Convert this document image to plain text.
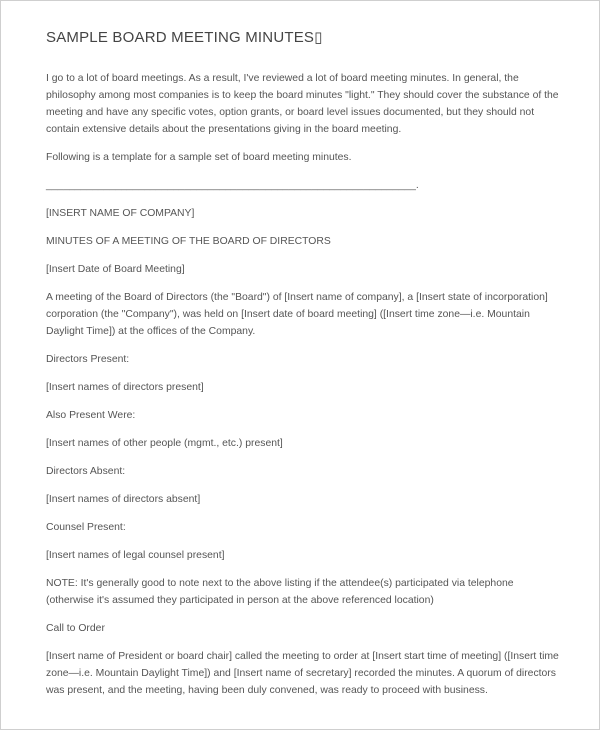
SAMPLE BOARD MEETING MINUTES▯

I go to a lot of board meetings. As a result, I've reviewed a lot of board meeting minutes. In general, the philosophy among most companies is to keep the board minutes "light." They should cover the substance of the meeting and have any specific votes, option grants, or board level issues documented, but they should not contain extensive details about the presentations giving in the board meeting.

Following is a template for a sample set of board meeting minutes.

________________________________________________________________.

[INSERT NAME OF COMPANY]

MINUTES OF A MEETING OF THE BOARD OF DIRECTORS

[Insert Date of Board Meeting]

A meeting of the Board of Directors (the "Board") of [Insert name of company], a [Insert state of incorporation] corporation (the "Company"), was held on [Insert date of board meeting] ([Insert time zone—i.e. Mountain Daylight Time]) at the offices of the Company.

Directors Present:

[Insert names of directors present]

Also Present Were:

[Insert names of other people (mgmt., etc.) present]

Directors Absent:

[Insert names of directors absent]

Counsel Present:

[Insert names of legal counsel present]

NOTE: It's generally good to note next to the above listing if the attendee(s) participated via telephone (otherwise it's assumed they participated in person at the above referenced location)

Call to Order

[Insert name of President or board chair] called the meeting to order at [Insert start time of meeting] ([Insert time zone—i.e. Mountain Daylight Time]) and [Insert name of secretary] recorded the minutes. A quorum of directors was present, and the meeting, having been duly convened, was ready to proceed with business.
